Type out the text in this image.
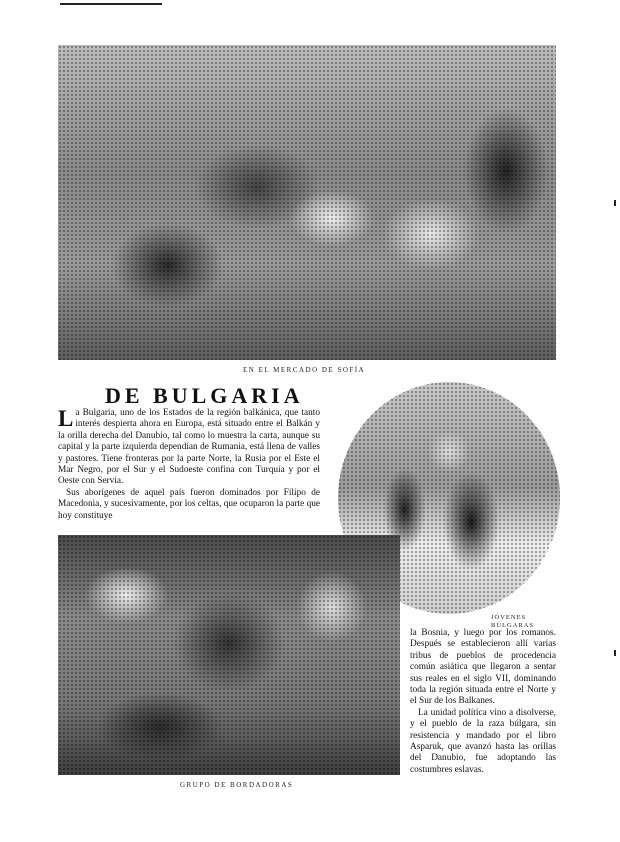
EN EL MERCADO DE SOFÍA
DE BULGARIA

La Bulgaria, uno de los Estados de la región balkánica, que tanto interés despierta ahora en Europa, está situado entre el Balkán y la orilla derecha del Danubio, tal como lo muestra la carta, aunque su capital y la parte izquierda dependían de Rumania, está llena de valles y pastores. Tiene fronteras por la parte Norte, la Rusia por el Este el Mar Negro, por el Sur y el Sudoeste confina con Turquía y por el Oeste con Servia.

Sus aborígenes de aquel país fueron dominados por Filipo de Macedonia, y sucesivamente, por los celtas, que ocuparon la parte que hoy constituye

JÓVENES
BÚLGARAS
GRUPO DE BORDADORAS

la Bosnia, y luego por los romanos. Después se establecieron allí varias tribus de pueblos de procedencia común asiática que llegaron a sentar sus reales en el siglo VII, dominando toda la región situada entre el Norte y el Sur de los Balkanes.

La unidad política vino a disolverse, y el pueblo de la raza búlgara, sin resistencia y mandado por el libro Asparuk, que avanzó hasta las orillas del Danubio, fue adoptando las costumbres eslavas.
